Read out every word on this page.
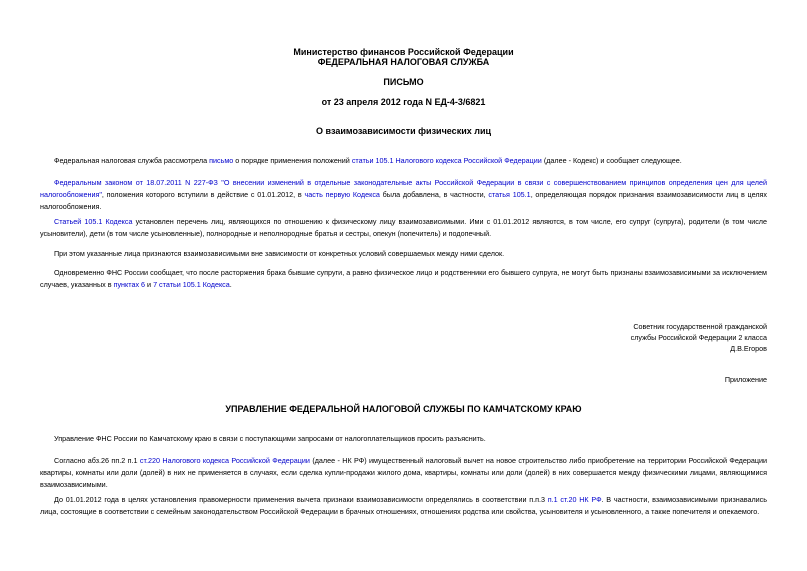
Министерство финансов Российской Федерации
ФЕДЕРАЛЬНАЯ НАЛОГОВАЯ СЛУЖБА
ПИСЬМО
от 23 апреля 2012 года N ЕД-4-3/6821
О взаимозависимости физических лиц
Федеральная налоговая служба рассмотрела письмо о порядке применения положений статьи 105.1 Налогового кодекса Российской Федерации (далее - Кодекс) и сообщает следующее.
Федеральным законом от 18.07.2011 N 227-ФЗ "О внесении изменений в отдельные законодательные акты Российской Федерации в связи с совершенствованием принципов определения цен для целей налогообложения", положения которого вступили в действие с 01.01.2012, в часть первую Кодекса была добавлена, в частности, статья 105.1, определяющая порядок признания взаимозависимости лиц в целях налогообложения.
Статьей 105.1 Кодекса установлен перечень лиц, являющихся по отношению к физическому лицу взаимозависимыми. Ими с 01.01.2012 являются, в том числе, его супруг (супруга), родители (в том числе усыновители), дети (в том числе усыновленные), полнородные и неполнородные братья и сестры, опекун (попечитель) и подопечный.
При этом указанные лица признаются взаимозависимыми вне зависимости от конкретных условий совершаемых между ними сделок.
Одновременно ФНС России сообщает, что после расторжения брака бывшие супруги, а равно физическое лицо и родственники его бывшего супруга, не могут быть признаны взаимозависимыми за исключением случаев, указанных в пунктах 6 и 7 статьи 105.1 Кодекса.
Советник государственной гражданской
службы Российской Федерации 2 класса
Д.В.Егоров
Приложение
УПРАВЛЕНИЕ ФЕДЕРАЛЬНОЙ НАЛОГОВОЙ СЛУЖБЫ ПО КАМЧАТСКОМУ КРАЮ
Управление ФНС России по Камчатскому краю в связи с поступающими запросами от налогоплательщиков просить разъяснить.
Согласно абз.26 пп.2 п.1 ст.220 Налогового кодекса Российской Федерации (далее - НК РФ) имущественный налоговый вычет на новое строительство либо приобретение на территории Российской Федерации квартиры, комнаты или доли (долей) в них не применяется в случаях, если сделка купли-продажи жилого дома, квартиры, комнаты или доли (долей) в них совершается между физическими лицами, являющимися взаимозависимыми.
До 01.01.2012 года в целях установления правомерности применения вычета признаки взаимозависимости определялись в соответствии п.п.3 п.1 ст.20 НК РФ. В частности, взаимозависимыми признавались лица, состоящие в соответствии с семейным законодательством Российской Федерации в брачных отношениях, отношениях родства или свойства, усыновителя и усыновленного, а также попечителя и опекаемого.
